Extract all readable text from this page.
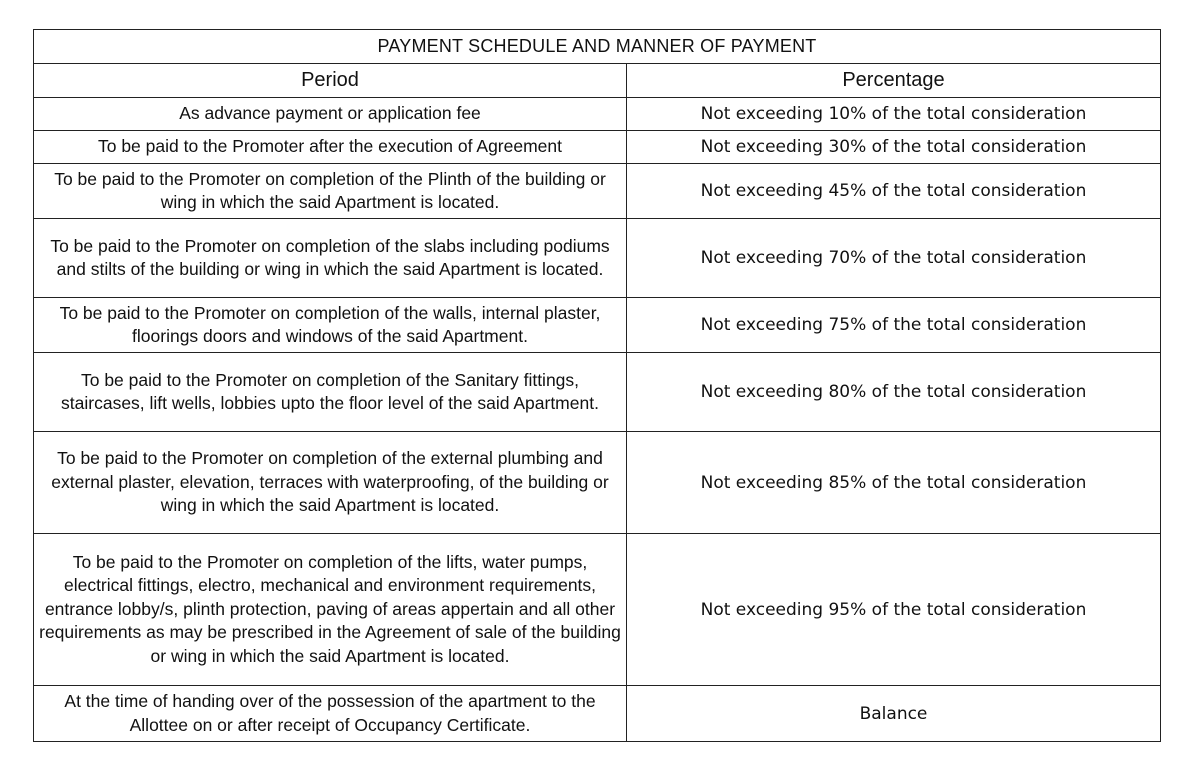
PAYMENT SCHEDULE AND MANNER OF PAYMENT	
Period	Percentage
As advance payment or application fee	Not exceeding 10% of the total consideration
To be paid to the Promoter after the execution of Agreement	Not exceeding 30% of the total consideration
To be paid to the Promoter on completion of the Plinth of the building or wing in which the said Apartment is located.	Not exceeding 45% of the total consideration
To be paid to the Promoter on completion of the slabs including podiums and stilts of the building or wing in which the said Apartment is located.	Not exceeding 70% of the total consideration
To be paid to the Promoter on completion of the walls, internal plaster, floorings doors and windows of the said Apartment.	Not exceeding 75% of the total consideration
To be paid to the Promoter on completion of the Sanitary fittings, staircases, lift wells, lobbies upto the floor level of the said Apartment.	Not exceeding 80% of the total consideration
To be paid to the Promoter on completion of the external plumbing and external plaster, elevation, terraces with waterproofing, of the building or wing in which the said Apartment is located.	Not exceeding 85% of the total consideration
To be paid to the Promoter on completion of the lifts, water pumps, electrical fittings, electro, mechanical and environment requirements, entrance lobby/s, plinth protection, paving of areas appertain and all other requirements as may be prescribed in the Agreement of sale of the building or wing in which the said Apartment is located.	Not exceeding 95% of the total consideration
At the time of handing over of the possession of the apartment to the Allottee on or after receipt of Occupancy Certificate.	Balance
